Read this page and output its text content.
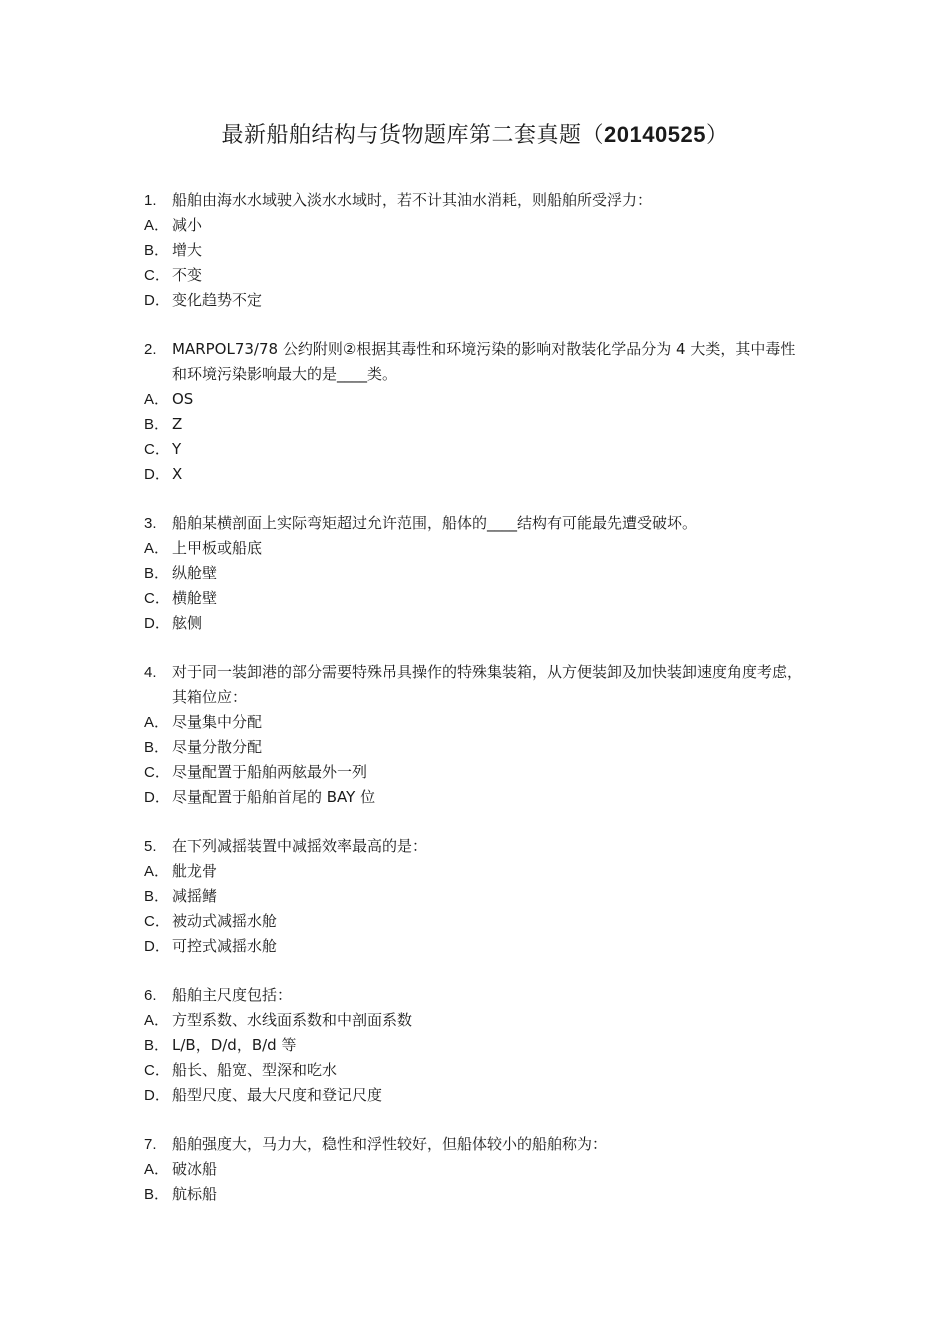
最新船舶结构与货物题库第二套真题（20140525）
1.	船舶由海水水域驶入淡水水域时，若不计其油水消耗，则船舶所受浮力：
A． 减小
B． 增大
C． 不变
D． 变化趋势不定
2.	MARPOL73/78 公约附则②根据其毒性和环境污染的影响对散装化学品分为 4 大类，其中毒性和环境污染影响最大的是____类。
A． OS
B． Z
C． Y
D． X
3.	船舶某横剖面上实际弯矩超过允许范围，船体的____结构有可能最先遭受破坏。
A． 上甲板或船底
B． 纵舱壁
C． 横舱壁
D． 舷侧
4.	对于同一装卸港的部分需要特殊吊具操作的特殊集装箱，从方便装卸及加快装卸速度角度考虑，其箱位应：
A． 尽量集中分配
B． 尽量分散分配
C． 尽量配置于船舶两舷最外一列
D． 尽量配置于船舶首尾的 BAY 位
5.	在下列减摇装置中减摇效率最高的是：
A． 舭龙骨
B． 减摇鳍
C． 被动式减摇水舱
D． 可控式减摇水舱
6.	船舶主尺度包括：
A． 方型系数、水线面系数和中剖面系数
B． L/B，D/d，B/d 等
C． 船长、船宽、型深和吃水
D． 船型尺度、最大尺度和登记尺度
7.	船舶强度大，马力大，稳性和浮性较好，但船体较小的船舶称为：
A． 破冰船
B． 航标船
